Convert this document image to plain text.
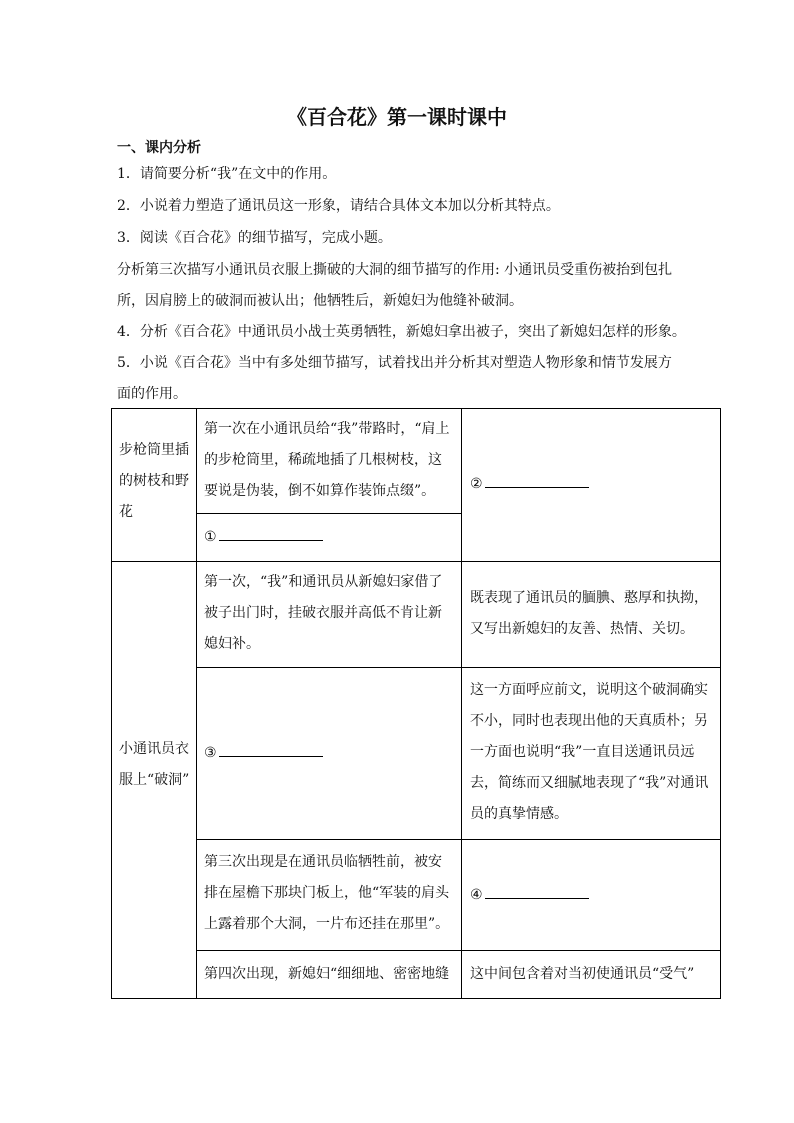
《百合花》第一课时课中
一、课内分析
1．请简要分析“我”在文中的作用。
2．小说着力塑造了通讯员这一形象，请结合具体文本加以分析其特点。
3．阅读《百合花》的细节描写，完成小题。
分析第三次描写小通讯员衣服上撕破的大洞的细节描写的作用: 小通讯员受重伤被抬到包扎
所，因肩膀上的破洞而被认出；他牺牲后，新媳妇为他缝补破洞。
4．分析《百合花》中通讯员小战士英勇牺牲，新媳妇拿出被子，突出了新媳妇怎样的形象。
5．小说《百合花》当中有多处细节描写，试着找出并分析其对塑造人物形象和情节发展方
面的作用。
步枪筒里插的树枝和野花
第一次在小通讯员给“我”带路时，“肩上的步枪筒里，稀疏地插了几根树枝，这要说是伪装，倒不如算作装饰点缀”。
①
②
小通讯员衣服上“破洞”
第一次，“我”和通讯员从新媳妇家借了被子出门时，挂破衣服并高低不肯让新媳妇补。
既表现了通讯员的腼腆、憨厚和执拗，又写出新媳妇的友善、热情、关切。
③
这一方面呼应前文，说明这个破洞确实不小，同时也表现出他的天真质朴；另一方面也说明“我”一直目送通讯员远去，简练而又细腻地表现了“我”对通讯员的真挚情感。
第三次出现是在通讯员临牺牲前，被安排在屋檐下那块门板上，他“军装的肩头上露着那个大洞，一片布还挂在那里”。
④
第四次出现，新媳妇“细细地、密密地缝	这中间包含着对当初使通讯员“受气”
